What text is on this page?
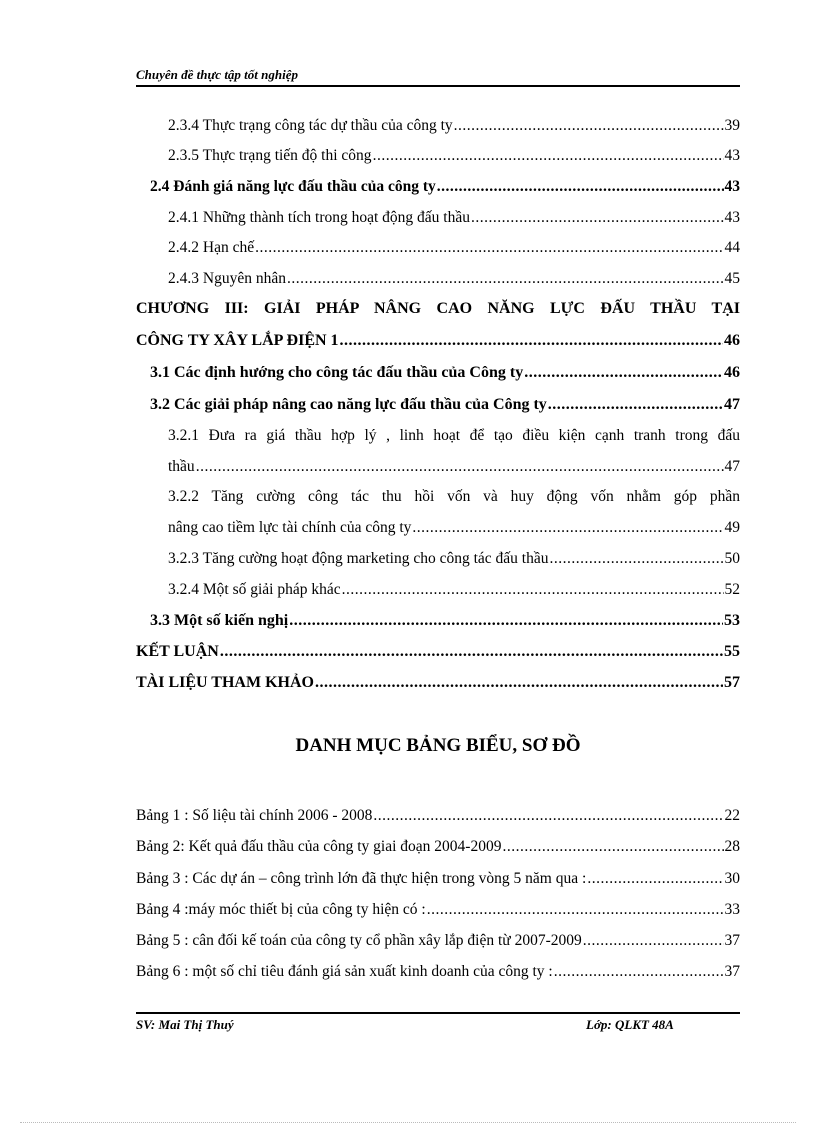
Chuyên đề thực tập tốt nghiệp
2.3.4 Thực trạng công tác dự thầu của công ty .....	39
2.3.5 Thực trạng tiến độ thi công .....	43
2.4 Đánh giá năng lực đấu thầu của công ty .....	43
2.4.1 Những thành tích trong hoạt động đấu thầu .....	43
2.4.2 Hạn chế .....	44
2.4.3 Nguyên nhân .....	45
CHƯƠNG III: GIẢI PHÁP NÂNG CAO NĂNG LỰC ĐẤU THẦU TẠI
CÔNG TY XÂY LẮP ĐIỆN 1 .....	46
3.1 Các định hướng cho công tác đấu thầu của Công ty .....	46
3.2 Các giải pháp nâng cao năng lực đấu thầu của Công ty .....	47
3.2.1 Đưa ra giá thầu hợp lý , linh hoạt để tạo điều kiện cạnh tranh trong đấu
thầu .....	47
3.2.2 Tăng cường công tác thu hồi vốn và huy động vốn nhằm góp phần
nâng cao tiềm lực tài chính của công ty .....	49
3.2.3 Tăng cường hoạt động marketing cho công tác đấu thầu .....	50
3.2.4 Một số giải pháp khác .....	52
3.3 Một số kiến nghị .....	53
KẾT LUẬN .....	55
TÀI LIỆU THAM KHẢO .....	57
DANH MỤC BẢNG BIỂU, SƠ ĐỒ
Bảng 1 : Số liệu tài chính 2006 - 2008 .....	22
Bảng 2: Kết quả đấu thầu của công ty giai đoạn 2004-2009 .....	28
Bảng 3 : Các dự án – công trình lớn đã thực hiện trong vòng 5 năm qua : .....	30
Bảng 4 :máy móc thiết bị của công ty hiện có : .....	33
Bảng 5 : cân đối kế toán của công ty cổ phần xây lắp điện từ 2007-2009 .....	37
Bảng 6 : một số chỉ tiêu đánh giá sản xuất kinh doanh của công ty : .....	37
SV: Mai Thị Thuý	Lớp: QLKT 48A
